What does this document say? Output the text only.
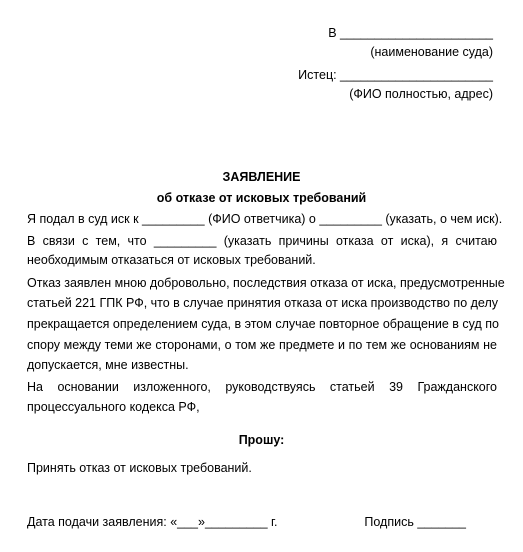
В ______________________
(наименование суда)
Истец: ______________________
(ФИО полностью, адрес)
ЗАЯВЛЕНИЕ
об отказе от исковых требований
Я подал в суд иск к _________ (ФИО ответчика) о _________ (указать, о чем иск).
В связи с тем, что _________ (указать причины отказа от иска), я считаю
необходимым отказаться от исковых требований.
Отказ заявлен мною добровольно, последствия отказа от иска, предусмотренные
статьей 221 ГПК РФ, что в случае принятия отказа от иска производство по делу
прекращается определением суда, в этом случае повторное обращение в суд по
спору между теми же сторонами, о том же предмете и по тем же основаниям не
допускается, мне известны.
На основании изложенного, руководствуясь статьей 39 Гражданского
процессуального кодекса РФ,
Прошу:
Принять отказ от исковых требований.
Дата подачи заявления: «___»_________ г.	Подпись _______
